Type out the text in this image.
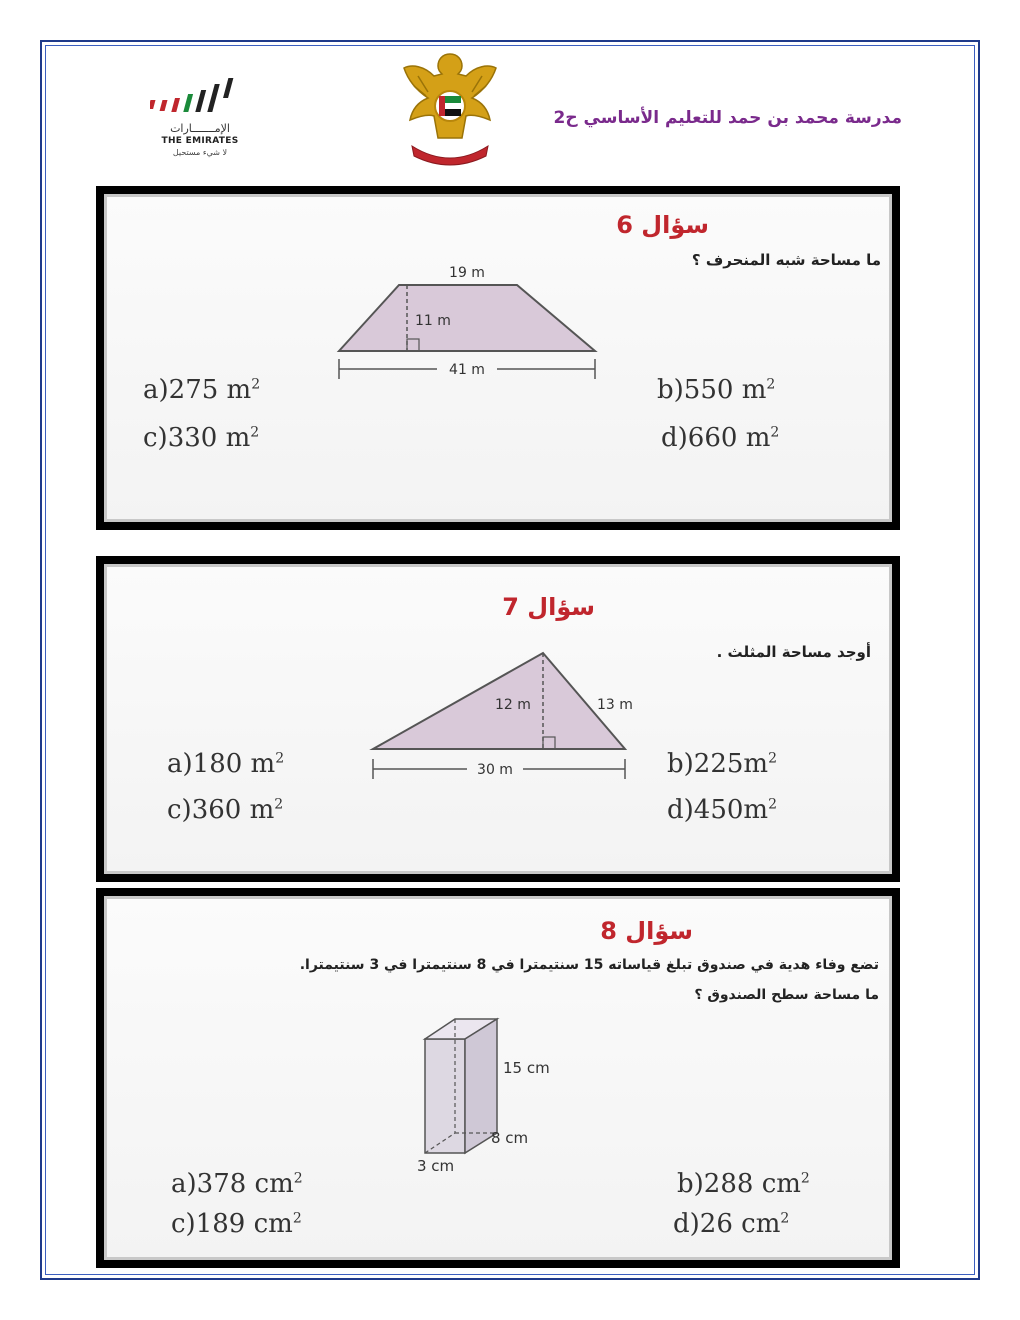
الإمـــــــارات
THE EMIRATES
لا شيء مستحيل
مدرسة محمد بن حمد للتعليم الأساسي ح2
سؤال 6
ما مساحة شبه المنحرف ؟
19 m
11 m
41 m
a)275 $m^2$	b)550 $m^2$
c)330 $m^2$	d)660 $m^2$
سؤال 7
أوجد مساحة المثلث .
12 m	13 m
30 m
a)180 $m^2$	$b)225m^2$
c)360 $m^2$	$d)450m^2$
سؤال 8
تضع وفاء هدية في صندوق تبلغ قياساته 15 سنتيمترا في 8 سنتيمترا في 3 سنتيمترا.
ما مساحة سطح الصندوق ؟
15 cm
8 cm
3 cm
a)378 $cm^2$	b)288 $cm^2$
c)189 $cm^2$	d)26 $cm^2$
